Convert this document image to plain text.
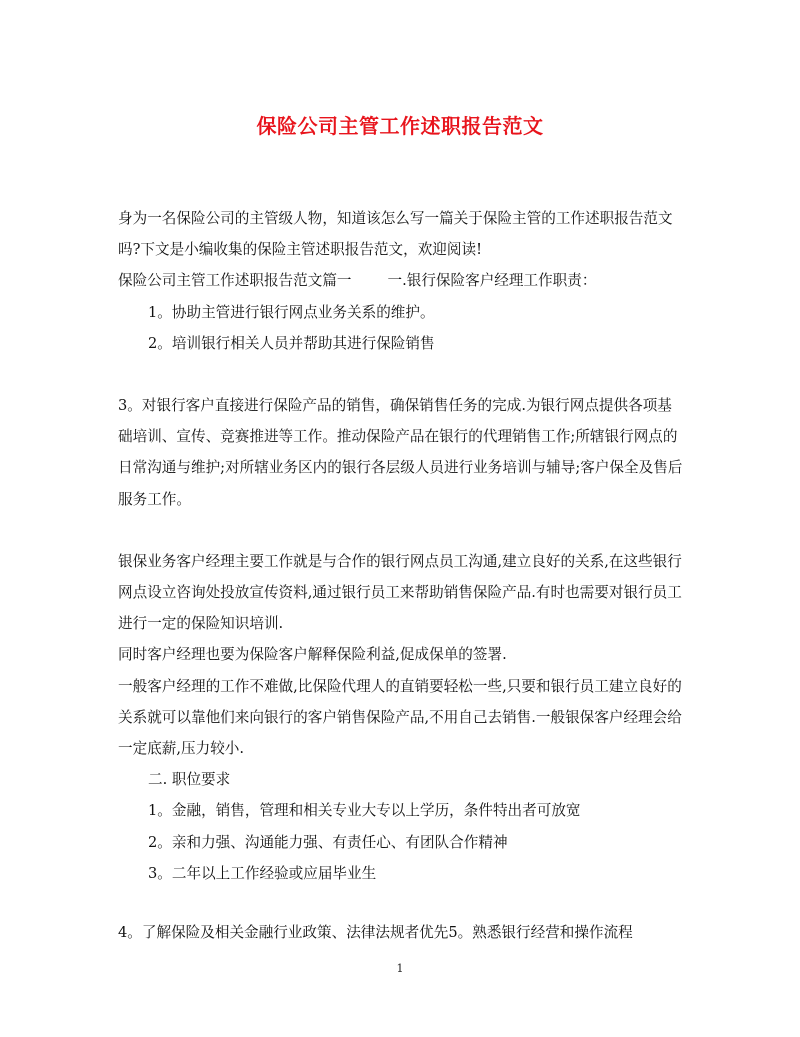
保险公司主管工作述职报告范文

身为一名保险公司的主管级人物，知道该怎么写一篇关于保险主管的工作述职报告范文吗?下文是小编收集的保险主管述职报告范文，欢迎阅读!

保险公司主管工作述职报告范文篇一 一.银行保险客户经理工作职责：

1。协助主管进行银行网点业务关系的维护。

2。培训银行相关人员并帮助其进行保险销售

3。对银行客户直接进行保险产品的销售，确保销售任务的完成.为银行网点提供各项基础培训、宣传、竞赛推进等工作。推动保险产品在银行的代理销售工作;所辖银行网点的日常沟通与维护;对所辖业务区内的银行各层级人员进行业务培训与辅导;客户保全及售后服务工作。

银保业务客户经理主要工作就是与合作的银行网点员工沟通,建立良好的关系,在这些银行网点设立咨询处投放宣传资料,通过银行员工来帮助销售保险产品.有时也需要对银行员工进行一定的保险知识培训.

同时客户经理也要为保险客户解释保险利益,促成保单的签署.

一般客户经理的工作不难做,比保险代理人的直销要轻松一些,只要和银行员工建立良好的关系就可以靠他们来向银行的客户销售保险产品,不用自己去销售.一般银保客户经理会给一定底薪,压力较小.

二. 职位要求

1。金融，销售，管理和相关专业大专以上学历，条件特出者可放宽

2。亲和力强、沟通能力强、有责任心、有团队合作精神

3。二年以上工作经验或应届毕业生

4。了解保险及相关金融行业政策、法律法规者优先5。熟悉银行经营和操作流程

1
